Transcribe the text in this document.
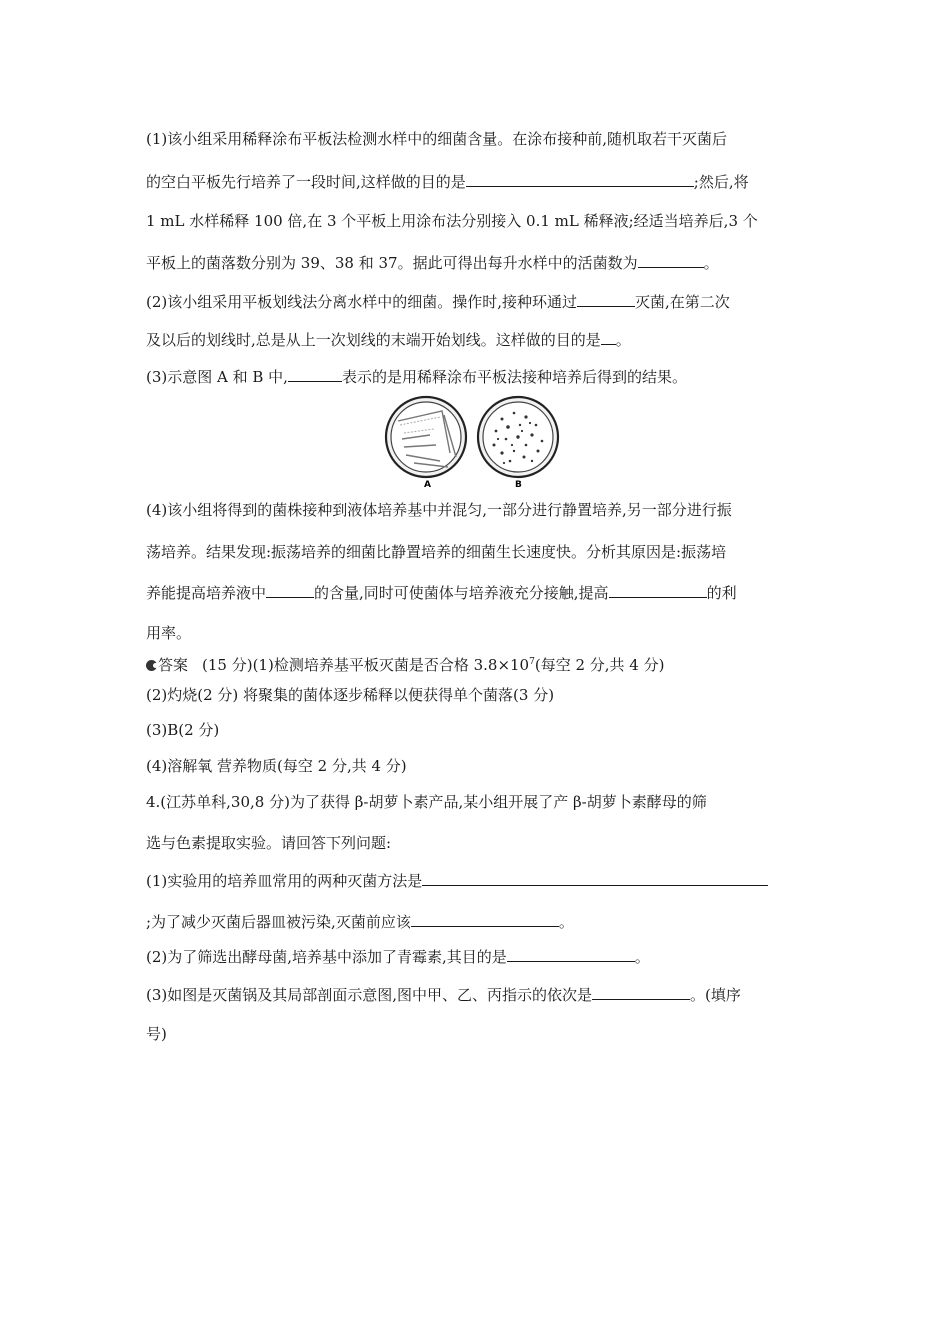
(1)该小组采用稀释涂布平板法检测水样中的细菌含量。在涂布接种前,随机取若干灭菌后
的空白平板先行培养了一段时间,这样做的目的是	;然后,将
1 mL 水样稀释 100 倍,在 3 个平板上用涂布法分别接入 0.1 mL 稀释液;经适当培养后,3 个
平板上的菌落数分别为 39、38 和 37。据此可得出每升水样中的活菌数为	。
(2)该小组采用平板划线法分离水样中的细菌。操作时,接种环通过	灭菌,在第二次
及以后的划线时,总是从上一次划线的末端开始划线。这样做的目的是 。
(3)示意图 A 和 B 中,	表示的是用稀释涂布平板法接种培养后得到的结果。
A	B
(4)该小组将得到的菌株接种到液体培养基中并混匀,一部分进行静置培养,另一部分进行振
荡培养。结果发现:振荡培养的细菌比静置培养的细菌生长速度快。分析其原因是:振荡培
养能提高培养液中	的含量,同时可使菌体与培养液充分接触,提高	的利
用率。
答案 (15 分)(1)检测培养基平板灭菌是否合格 $3.8\times 10^7$(每空 2 分,共 4 分)
(2)灼烧(2 分) 将聚集的菌体逐步稀释以便获得单个菌落(3 分)
(3)B(2 分)
(4)溶解氧 营养物质(每空 2 分,共 4 分)
4.(江苏单科,30,8 分)为了获得 β-胡萝卜素产品,某小组开展了产 β-胡萝卜素酵母的筛
选与色素提取实验。请回答下列问题:
(1)实验用的培养皿常用的两种灭菌方法是
;为了减少灭菌后器皿被污染,灭菌前应该	。
(2)为了筛选出酵母菌,培养基中添加了青霉素,其目的是	。
(3)如图是灭菌锅及其局部剖面示意图,图中甲、乙、丙指示的依次是	。(填序
号)
